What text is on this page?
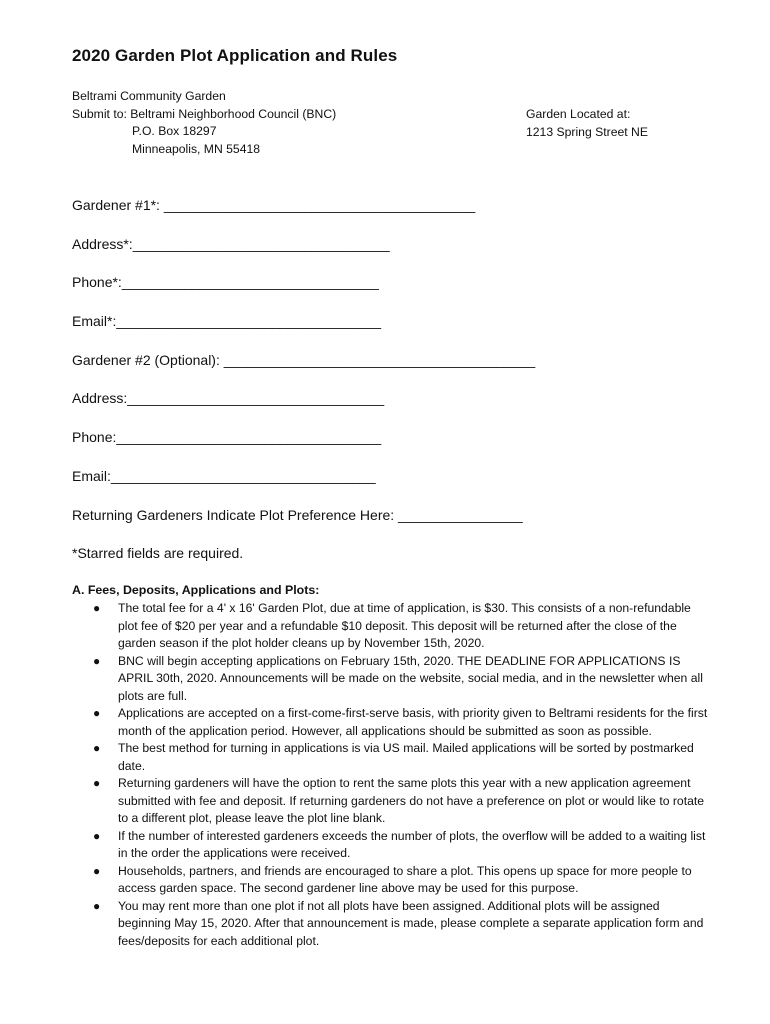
2020 Garden Plot Application and Rules
Beltrami Community Garden
Submit to: Beltrami Neighborhood Council (BNC)
P.O. Box 18297
Minneapolis, MN 55418
Garden Located at:
1213 Spring Street NE
Gardener #1*: ________________________________________
Address*:_________________________________
Phone*:_________________________________
Email*:__________________________________
Gardener #2 (Optional): ________________________________________
Address:_________________________________
Phone:__________________________________
Email:__________________________________
Returning Gardeners Indicate Plot Preference Here: ________________
*Starred fields are required.
A. Fees, Deposits, Applications and Plots:
● The total fee for a 4' x 16' Garden Plot, due at time of application, is $30. This consists of a non-refundable plot fee of $20 per year and a refundable $10 deposit. This deposit will be returned after the close of the garden season if the plot holder cleans up by November 15th, 2020.
● BNC will begin accepting applications on February 15th, 2020. THE DEADLINE FOR APPLICATIONS IS APRIL 30th, 2020. Announcements will be made on the website, social media, and in the newsletter when all plots are full.
● Applications are accepted on a first-come-first-serve basis, with priority given to Beltrami residents for the first month of the application period. However, all applications should be submitted as soon as possible.
● The best method for turning in applications is via US mail. Mailed applications will be sorted by postmarked date.
● Returning gardeners will have the option to rent the same plots this year with a new application agreement submitted with fee and deposit. If returning gardeners do not have a preference on plot or would like to rotate to a different plot, please leave the plot line blank.
● If the number of interested gardeners exceeds the number of plots, the overflow will be added to a waiting list in the order the applications were received.
● Households, partners, and friends are encouraged to share a plot. This opens up space for more people to access garden space. The second gardener line above may be used for this purpose.
● You may rent more than one plot if not all plots have been assigned. Additional plots will be assigned beginning May 15, 2020. After that announcement is made, please complete a separate application form and fees/deposits for each additional plot.
